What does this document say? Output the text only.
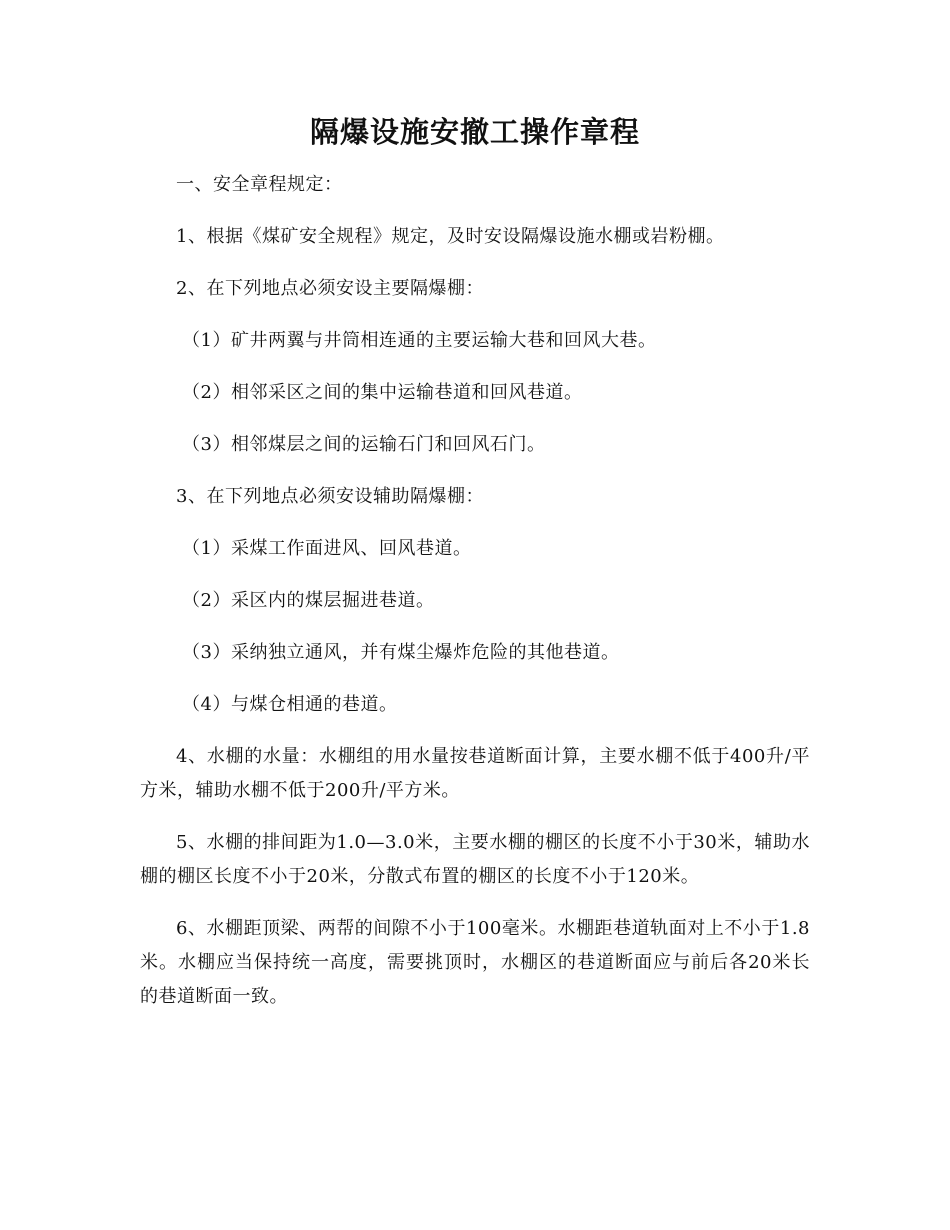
隔爆设施安撤工操作章程

一、安全章程规定：

1、根据《煤矿安全规程》规定，及时安设隔爆设施水棚或岩粉棚。

2、在下列地点必须安设主要隔爆棚：

（1）矿井两翼与井筒相连通的主要运输大巷和回风大巷。

（2）相邻采区之间的集中运输巷道和回风巷道。

（3）相邻煤层之间的运输石门和回风石门。

3、在下列地点必须安设辅助隔爆棚：

（1）采煤工作面进风、回风巷道。

（2）采区内的煤层掘进巷道。

（3）采纳独立通风，并有煤尘爆炸危险的其他巷道。

（4）与煤仓相通的巷道。

4、水棚的水量：水棚组的用水量按巷道断面计算，主要水棚不低于400升/平方米，辅助水棚不低于200升/平方米。

5、水棚的排间距为1.0—3.0米，主要水棚的棚区的长度不小于30米，辅助水棚的棚区长度不小于20米，分散式布置的棚区的长度不小于120米。

6、水棚距顶梁、两帮的间隙不小于100毫米。水棚距巷道轨面对上不小于1.8米。水棚应当保持统一高度，需要挑顶时，水棚区的巷道断面应与前后各20米长的巷道断面一致。
